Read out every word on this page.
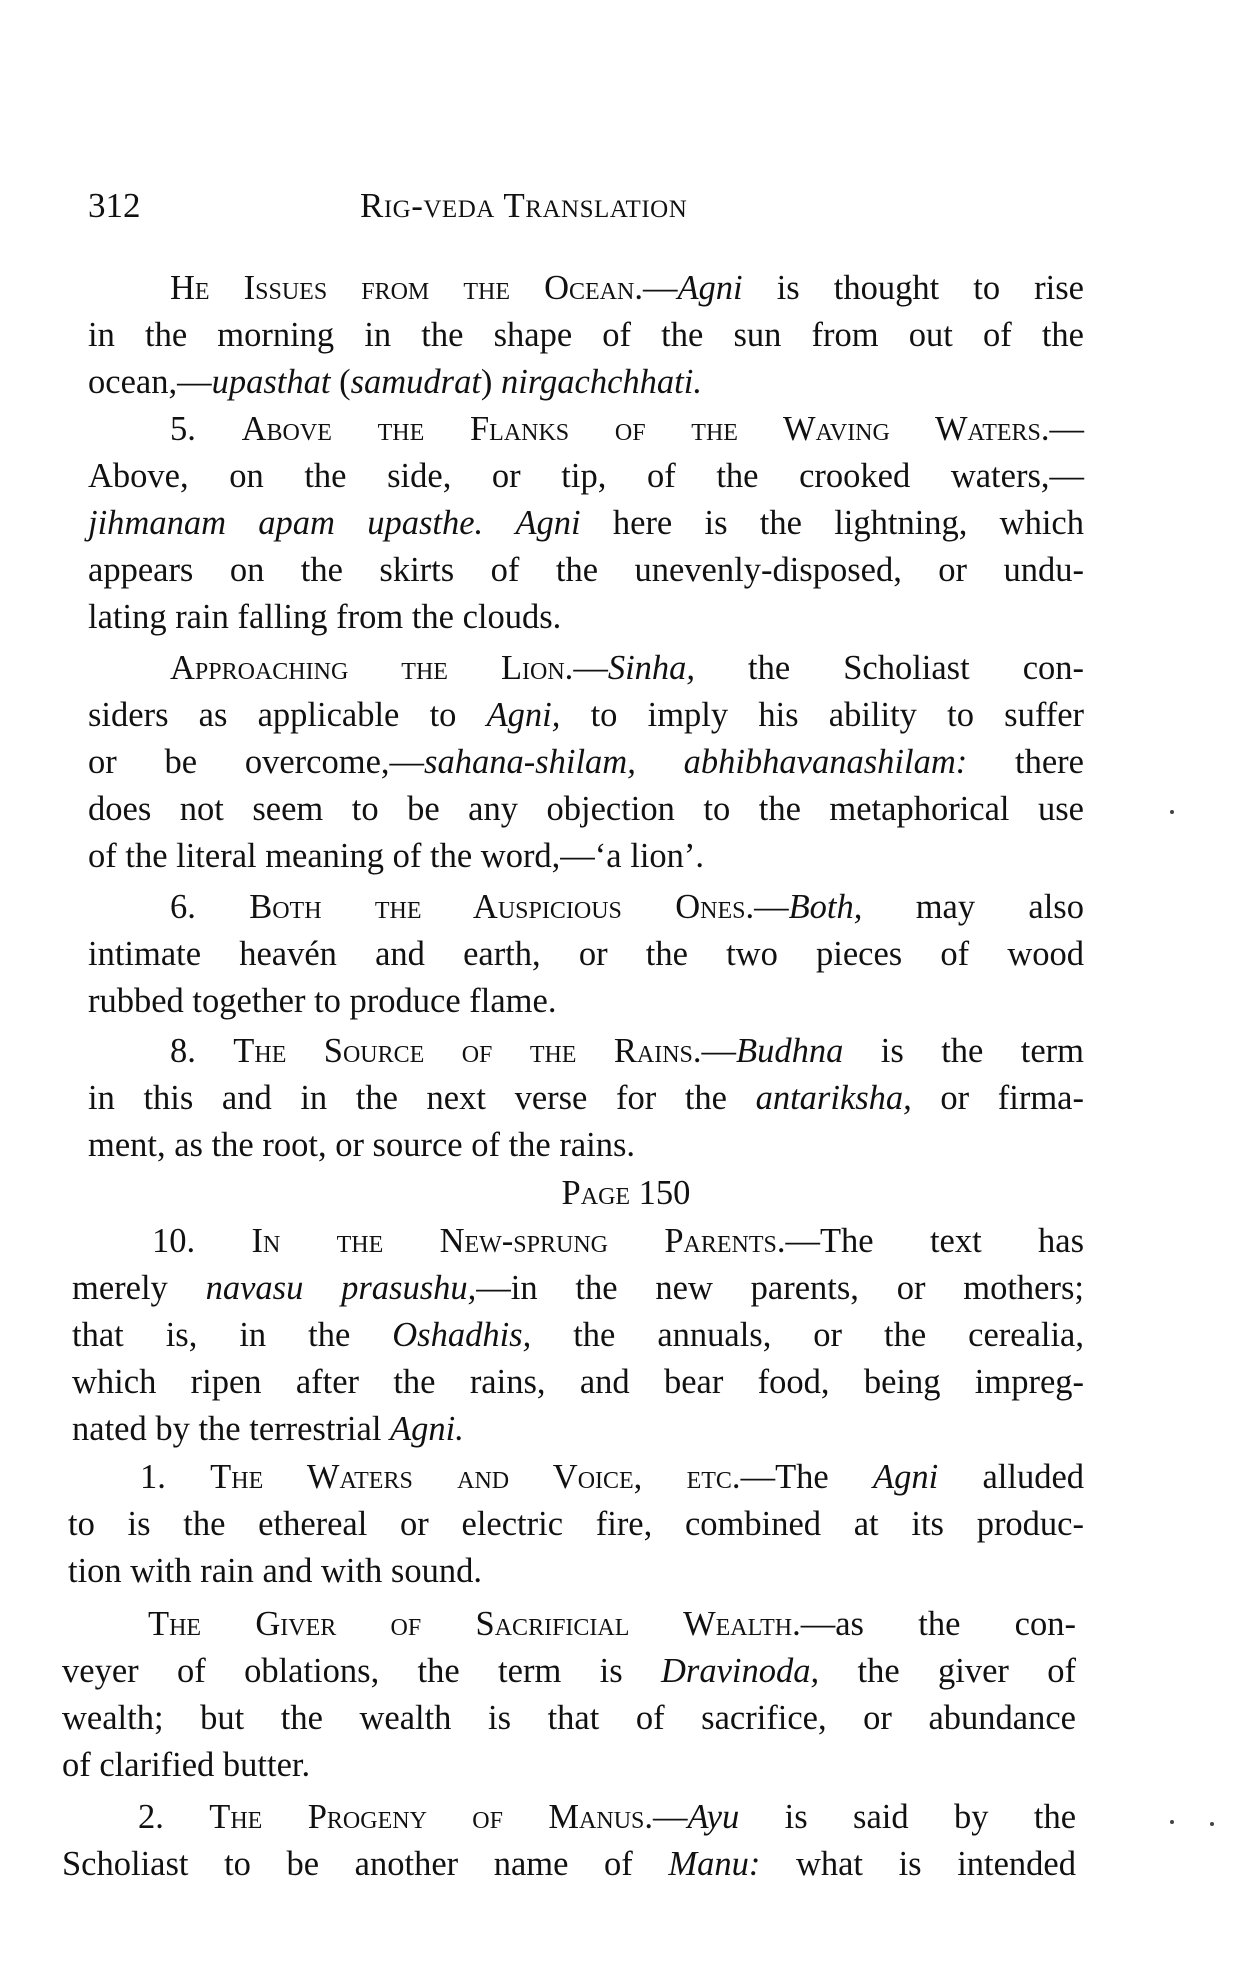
312	Rig-veda Translation
He Issues from the Ocean.—Agni is thought to rise
in the morning in the shape of the sun from out of the
ocean,—upasthat (samudrat) nirgachchhati.
5. Above the Flanks of the Waving Waters.—
Above, on the side, or tip, of the crooked waters,—
jihmanam apam upasthe. Agni here is the lightning, which
appears on the skirts of the unevenly-disposed, or undu-
lating rain falling from the clouds.
Approaching the Lion.—Sinha, the Scholiast con-
siders as applicable to Agni, to imply his ability to suffer
or be overcome,—sahana-shilam, abhibhavanashilam: there
does not seem to be any objection to the metaphorical use
of the literal meaning of the word,—‘a lion’.
6. Both the Auspicious Ones.—Both, may also
intimate heavén and earth, or the two pieces of wood
rubbed together to produce flame.
8. The Source of the Rains.—Budhna is the term
in this and in the next verse for the antariksha, or firma-
ment, as the root, or source of the rains.
Page 150
10. In the New-sprung Parents.—The text has
merely navasu prasushu,—in the new parents, or mothers;
that is, in the Oshadhis, the annuals, or the cerealia,
which ripen after the rains, and bear food, being impreg-
nated by the terrestrial Agni.
1. The Waters and Voice, etc.—The Agni alluded
to is the ethereal or electric fire, combined at its produc-
tion with rain and with sound.
The Giver of Sacrificial Wealth.—as the con-
veyer of oblations, the term is Dravinoda, the giver of
wealth; but the wealth is that of sacrifice, or abundance
of clarified butter.
2. The Progeny of Manus.—Ayu is said by the
Scholiast to be another name of Manu: what is intended
